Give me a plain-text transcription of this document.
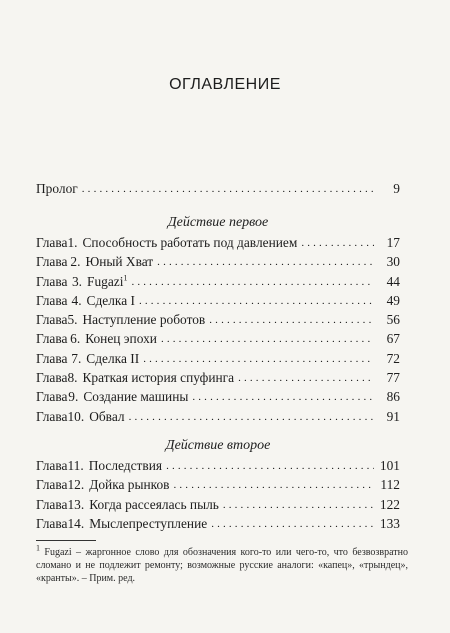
ОГЛАВЛЕНИЕ
Пролог . . .	9
Действие первое
Глава 1. Способность работать под давлением . . .	17
Глава 2. Юный Хват . . .	30
Глава 3. Fugazi$^1$ . . .	44
Глава 4. Сделка I . . .	49
Глава 5. Наступление роботов . . .	56
Глава 6. Конец эпохи . . .	67
Глава 7. Сделка II . . .	72
Глава 8. Краткая история спуфинга . . .	77
Глава 9. Создание машины . . .	86
Глава 10. Обвал . . .	91
Действие второе
Глава 11. Последствия . . .	101
Глава 12. Дойка рынков . . .	112
Глава 13. Когда рассеялась пыль . . .	122
Глава 14. Мыслепреступление . . .	133
$^1$ Fugazi – жаргонное слово для обозначения кого-то или чего-то, что безвозвратно сломано и не подлежит ремонту; возможные русские аналоги: «капец», «трындец», «кранты». – Прим. ред.
